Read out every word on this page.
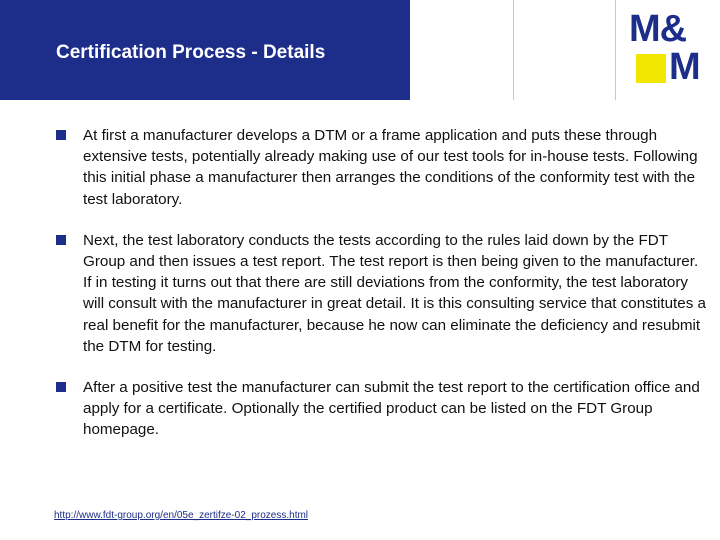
Certification Process - Details
M&
M
At first a manufacturer develops a DTM or a frame application and puts these through extensive tests, potentially already making use of our test tools for in-house tests. Following this initial phase a manufacturer then arranges the conditions of the conformity test with the test laboratory.
Next, the test laboratory conducts the tests according to the rules laid down by the FDT Group and then issues a test report. The test report is then being given to the manufacturer. If in testing it turns out that there are still deviations from the conformity, the test laboratory will consult with the manufacturer in great detail. It is this consulting service that constitutes a real benefit for the manufacturer, because he now can eliminate the deficiency and resubmit the DTM for testing.
After a positive test the manufacturer can submit the test report to the certification office and apply for a certificate. Optionally the certified product can be listed on the FDT Group homepage.
http://www.fdt-group.org/en/05e_zertifze-02_prozess.html
